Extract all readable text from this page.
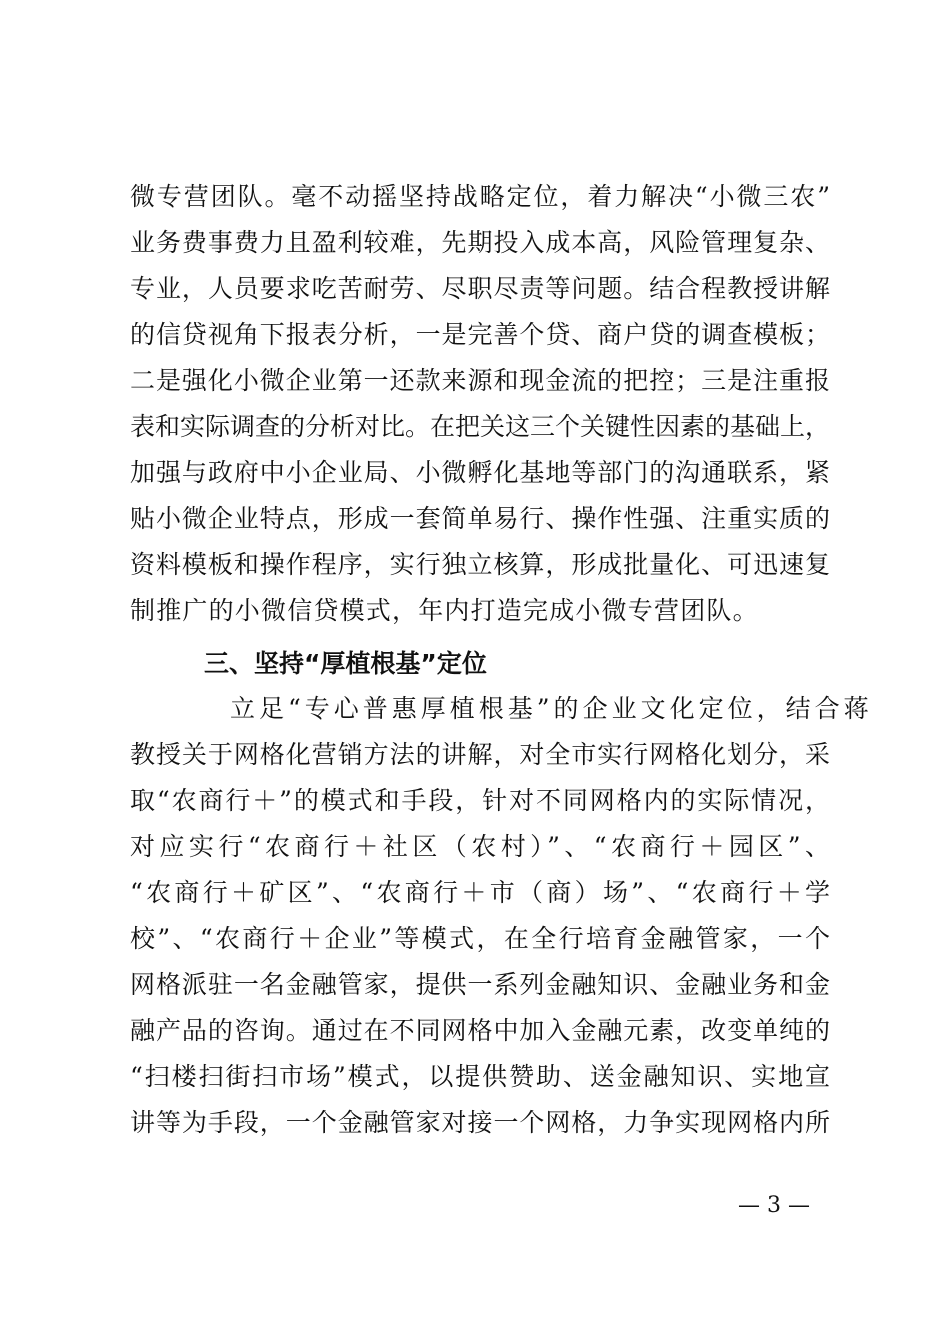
微专营团队。毫不动摇坚持战略定位，着力解决“小微三农”
业务费事费力且盈利较难，先期投入成本高，风险管理复杂、
专业，人员要求吃苦耐劳、尽职尽责等问题。结合程教授讲解
的信贷视角下报表分析，一是完善个贷、商户贷的调查模板；
二是强化小微企业第一还款来源和现金流的把控；三是注重报
表和实际调查的分析对比。在把关这三个关键性因素的基础上，
加强与政府中小企业局、小微孵化基地等部门的沟通联系，紧
贴小微企业特点，形成一套简单易行、操作性强、注重实质的
资料模板和操作程序，实行独立核算，形成批量化、可迅速复
制推广的小微信贷模式，年内打造完成小微专营团队。
三、坚持“厚植根基”定位
立足“专心普惠厚植根基”的企业文化定位，结合蒋
教授关于网格化营销方法的讲解，对全市实行网格化划分，采
取“农商行＋”的模式和手段，针对不同网格内的实际情况，
对应实行“农商行＋社区（农村）”、“农商行＋园区”、
“农商行＋矿区”、“农商行＋市（商）场”、“农商行＋学
校”、“农商行＋企业”等模式，在全行培育金融管家，一个
网格派驻一名金融管家，提供一系列金融知识、金融业务和金
融产品的咨询。通过在不同网格中加入金融元素，改变单纯的
“扫楼扫街扫市场”模式，以提供赞助、送金融知识、实地宣
讲等为手段，一个金融管家对接一个网格，力争实现网格内所
— 3 —
